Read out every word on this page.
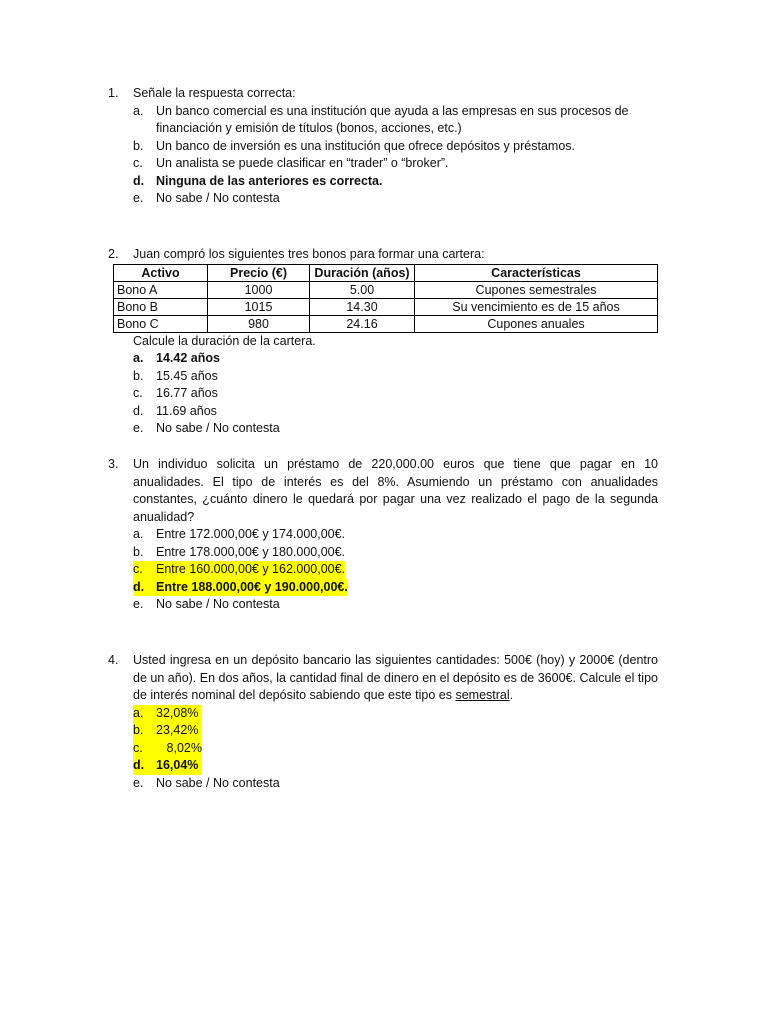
1.	Señale la respuesta correcta:
a.	Un banco comercial es una institución que ayuda a las empresas en sus procesos de financiación y emisión de títulos (bonos, acciones, etc.)
b.	Un banco de inversión es una institución que ofrece depósitos y préstamos.
c.	Un analista se puede clasificar en “trader” o “broker”.
d. Ninguna de las anteriores es correcta.
e.	No sabe / No contesta
2.	Juan compró los siguientes tres bonos para formar una cartera:
Activo	Precio (€)	Duración (años)	Características
Bono A	1000	5.00	Cupones semestrales
Bono B	1015	14.30	Su vencimiento es de 15 años
Bono C	980	24.16	Cupones anuales
Calcule la duración de la cartera.
a.	14.42 años
b.	15.45 años
c.	16.77 años
d.	11.69 años
e.	No sabe / No contesta
3.	Un individuo solicita un préstamo de 220,000.00 euros que tiene que pagar en 10 anualidades. El tipo de interés es del 8%. Asumiendo un préstamo con anualidades constantes, ¿cuánto dinero le quedará por pagar una vez realizado el pago de la segunda anualidad?
a.	Entre 172.000,00€ y 174.000,00€.
b.	Entre 178.000,00€ y 180.000,00€.
c.	Entre 160.000,00€ y 162.000,00€.
d. Entre 188.000,00€ y 190.000,00€.
e.	No sabe / No contesta
4.	Usted ingresa en un depósito bancario las siguientes cantidades: 500€ (hoy) y 2000€ (dentro de un año). En dos años, la cantidad final de dinero en el depósito es de 3600€. Calcule el tipo de interés nominal del depósito sabiendo que este tipo es semestral.
a.	32,08%
b.	23,42%
c.	8,02%
d. 16,04%
e.	No sabe / No contesta
